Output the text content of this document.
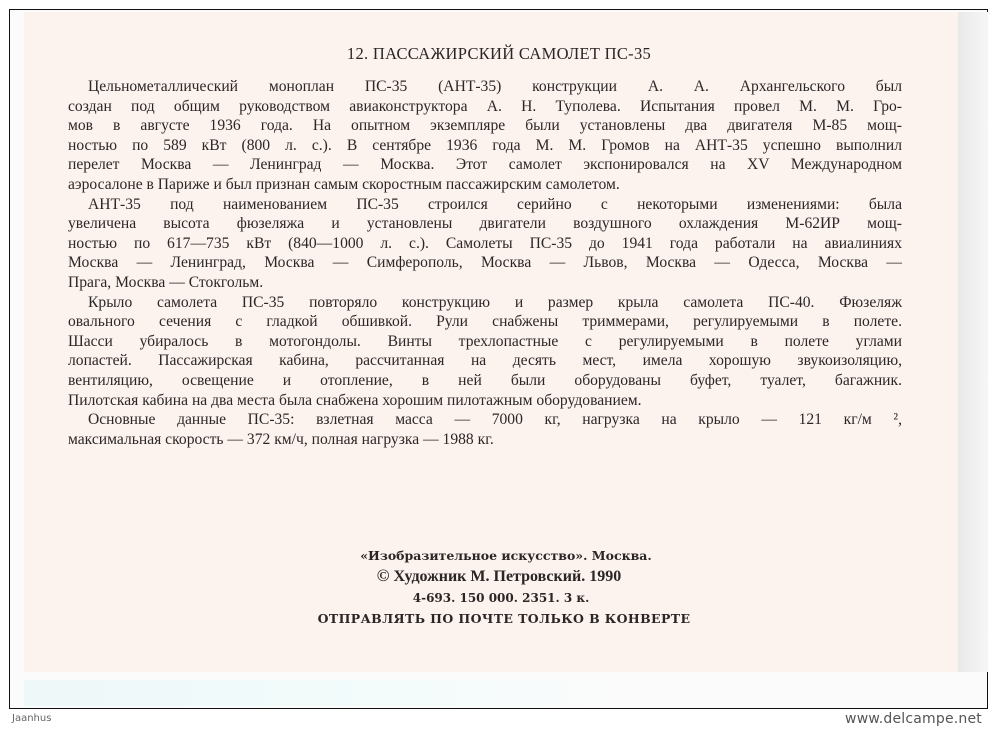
12. ПАССАЖИРСКИЙ САМОЛЕТ ПС-35
Цельнометаллический моноплан ПС-35 (АНТ-35) конструкции А. А. Архангельского был
создан под общим руководством авиаконструктора А. Н. Туполева. Испытания провел М. М. Гро-
мов в августе 1936 года. На опытном экземпляре были установлены два двигателя М-85 мощ-
ностью по 589 кВт (800 л. с.). В сентябре 1936 года М. М. Громов на АНТ-35 успешно выполнил
перелет Москва — Ленинград — Москва. Этот самолет экспонировался на XV Международном
аэросалоне в Париже и был признан самым скоростным пассажирским самолетом.
АНТ-35 под наименованием ПС-35 строился серийно с некоторыми изменениями: была
увеличена высота фюзеляжа и установлены двигатели воздушного охлаждения М-62ИР мощ-
ностью по 617—735 кВт (840—1000 л. с.). Самолеты ПС-35 до 1941 года работали на авиалиниях
Москва — Ленинград, Москва — Симферополь, Москва — Львов, Москва — Одесса, Москва —
Прага, Москва — Стокгольм.
Крыло самолета ПС-35 повторяло конструкцию и размер крыла самолета ПС-40. Фюзеляж
овального сечения с гладкой обшивкой. Рули снабжены триммерами, регулируемыми в полете.
Шасси убиралось в мотогондолы. Винты трехлопастные с регулируемыми в полете углами
лопастей. Пассажирская кабина, рассчитанная на десять мест, имела хорошую звукоизоляцию,
вентиляцию, освещение и отопление, в ней были оборудованы буфет, туалет, багажник.
Пилотская кабина на два места была снабжена хорошим пилотажным оборудованием.
Основные данные ПС-35: взлетная масса — 7000 кг, нагрузка на крыло — 121 кг/м ²,
максимальная скорость — 372 км/ч, полная нагрузка — 1988 кг.
«Изобразительное искусство». Москва.
© Художник М. Петровский. 1990
4-693. 150 000. 2351. 3 к.
ОТПРАВЛЯТЬ ПО ПОЧТЕ ТОЛЬКО В КОНВЕРТЕ
Jaanhus	www.delcampe.net
